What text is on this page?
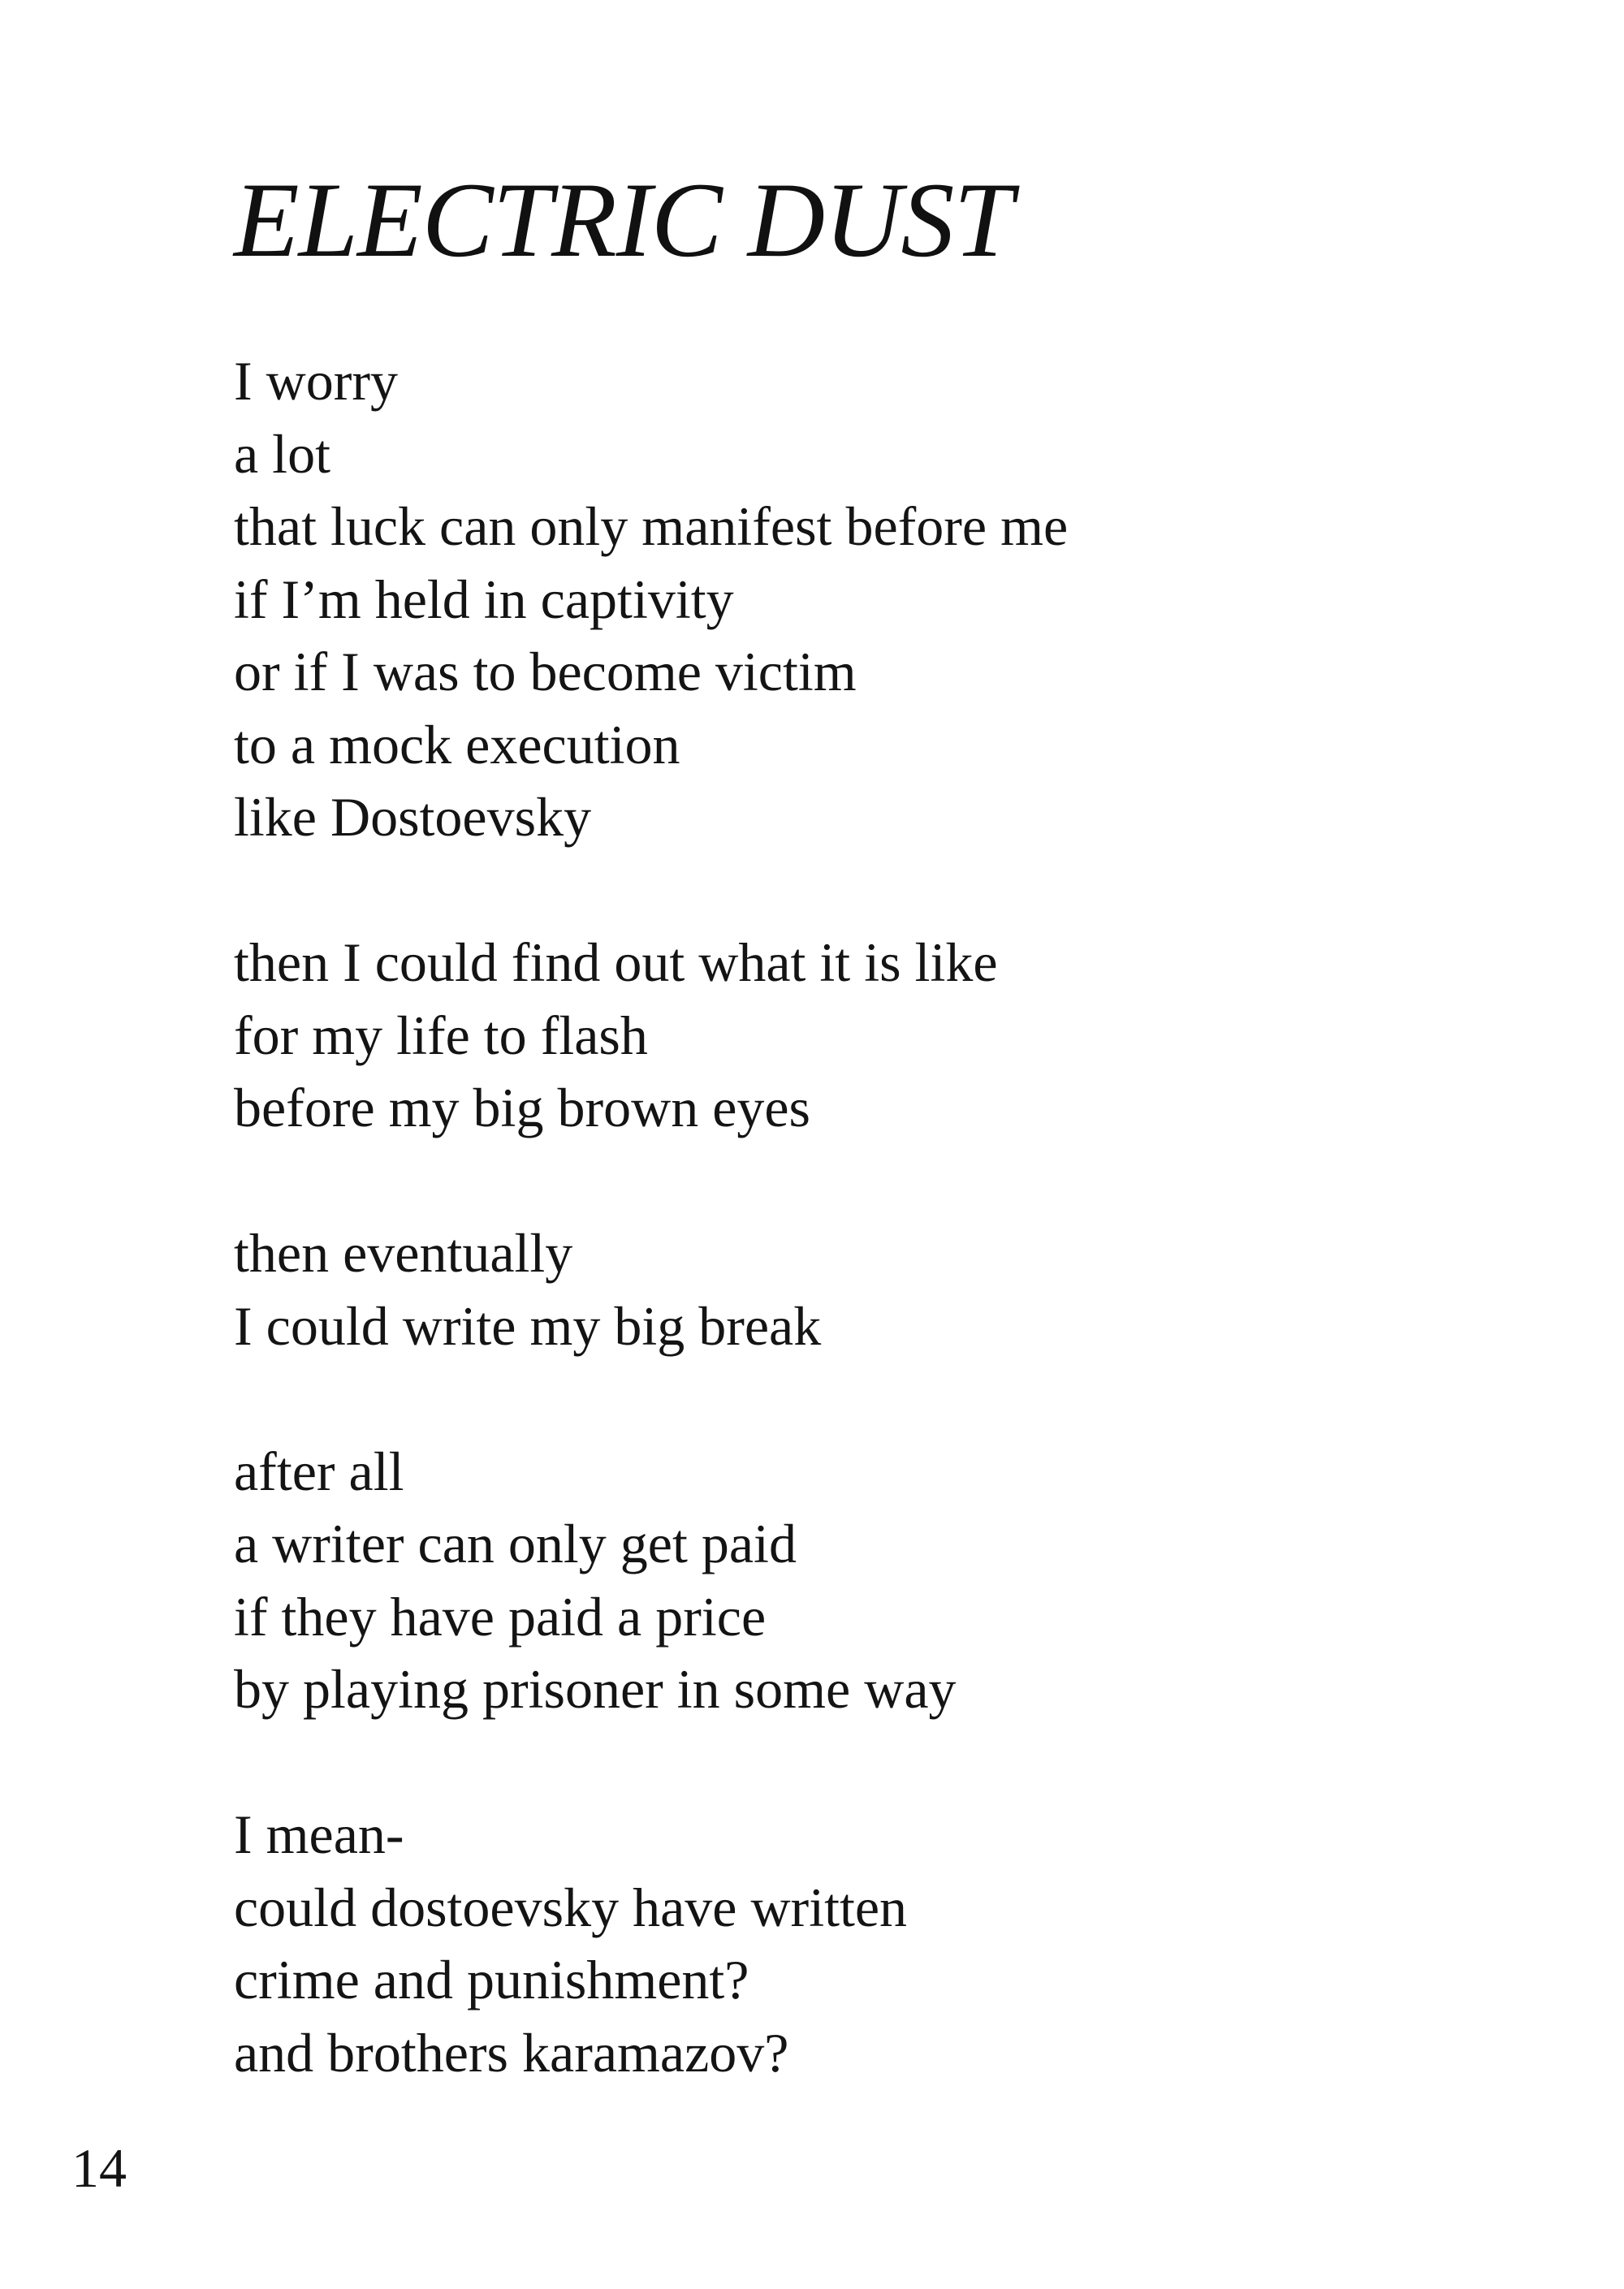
ELECTRIC DUST
I worry
a lot
that luck can only manifest before me
if I’m held in captivity
or if I was to become victim
to a mock execution
like Dostoevsky
then I could find out what it is like
for my life to flash
before my big brown eyes
then eventually
I could write my big break
after all
a writer can only get paid
if they have paid a price
by playing prisoner in some way
I mean-
could dostoevsky have written
crime and punishment?
and brothers karamazov?
14
